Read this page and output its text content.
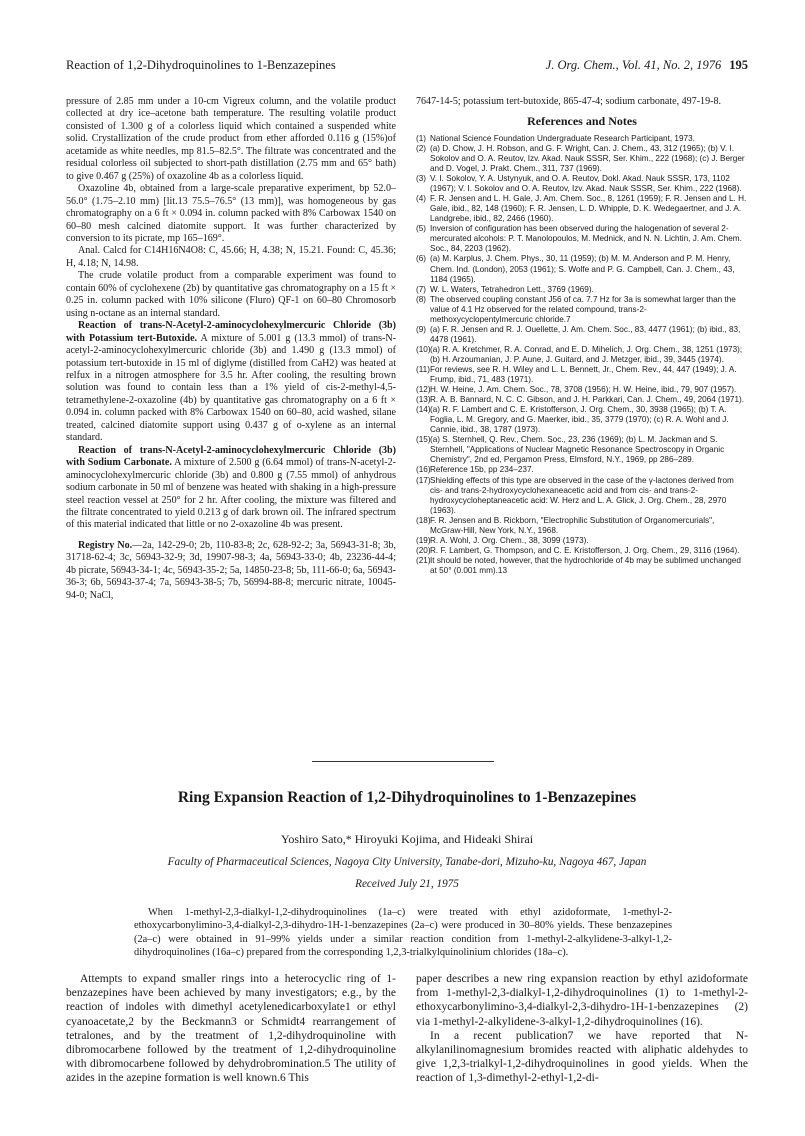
Reaction of 1,2-Dihydroquinolines to 1-Benzazepines	J. Org. Chem., Vol. 41, No. 2, 1976 195

pressure of 2.85 mm under a 10-cm Vigreux column, and the volatile product collected at dry ice–acetone bath temperature. The resulting volatile product consisted of 1.300 g of a colorless liquid which contained a suspended white solid. Crystallization of the crude product from ether afforded 0.116 g (15%)of acetamide as white needles, mp 81.5–82.5°. The filtrate was concentrated and the residual colorless oil subjected to short-path distillation (2.75 mm and 65° bath) to give 0.467 g (25%) of oxazoline 4b as a colorless liquid.

Oxazoline 4b, obtained from a large-scale preparative experiment, bp 52.0–56.0° (1.75–2.10 mm) [lit.13 75.5–76.5° (13 mm)], was homogeneous by gas chromatography on a 6 ft × 0.094 in. column packed with 8% Carbowax 1540 on 60–80 mesh calcined diatomite support. It was further characterized by conversion to its picrate, mp 165–169°.

Anal. Calcd for C14H16N4O8: C, 45.66; H, 4.38; N, 15.21. Found: C, 45.36; H, 4.18; N, 14.98.

The crude volatile product from a comparable experiment was found to contain 60% of cyclohexene (2b) by quantitative gas chromatography on a 15 ft × 0.25 in. column packed with 10% silicone (Fluro) QF-1 on 60–80 Chromosorb using n-octane as an internal standard.

Reaction of trans-N-Acetyl-2-aminocyclohexylmercuric Chloride (3b) with Potassium tert-Butoxide. A mixture of 5.001 g (13.3 mmol) of trans-N-acetyl-2-aminocyclohexylmercuric chloride (3b) and 1.490 g (13.3 mmol) of potassium tert-butoxide in 15 ml of diglyme (distilled from CaH2) was heated at relfux in a nitrogen atmosphere for 3.5 hr. After cooling, the resulting brown solution was found to contain less than a 1% yield of cis-2-methyl-4,5-tetramethylene-2-oxazoline (4b) by quantitative gas chromatography on a 6 ft × 0.094 in. column packed with 8% Carbowax 1540 on 60–80, acid washed, silane treated, calcined diatomite support using 0.437 g of o-xylene as an internal standard.

Reaction of trans-N-Acetyl-2-aminocyclohexylmercuric Chloride (3b) with Sodium Carbonate. A mixture of 2.500 g (6.64 mmol) of trans-N-acetyl-2-aminocyclohexylmercuric chloride (3b) and 0.800 g (7.55 mmol) of anhydrous sodium carbonate in 50 ml of benzene was heated with shaking in a high-pressure steel reaction vessel at 250° for 2 hr. After cooling, the mixture was filtered and the filtrate concentrated to yield 0.213 g of dark brown oil. The infrared spectrum of this material indicated that little or no 2-oxazoline 4b was present.

Registry No.—2a, 142-29-0; 2b, 110-83-8; 2c, 628-92-2; 3a, 56943-31-8; 3b, 31718-62-4; 3c, 56943-32-9; 3d, 19907-98-3; 4a, 56943-33-0; 4b, 23236-44-4; 4b picrate, 56943-34-1; 4c, 56943-35-2; 5a, 14850-23-8; 5b, 111-66-0; 6a, 56943-36-3; 6b, 56943-37-4; 7a, 56943-38-5; 7b, 56994-88-8; mercuric nitrate, 10045-94-0; NaCl,

7647-14-5; potassium tert-butoxide, 865-47-4; sodium carbonate, 497-19-8.
References and Notes
(1) National Science Foundation Undergraduate Research Participant, 1973.
(2) (a) D. Chow, J. H. Robson, and G. F. Wright, Can. J. Chem., 43, 312 (1965); (b) V. I. Sokolov and O. A. Reutov, Izv. Akad. Nauk SSSR, Ser. Khim., 222 (1968); (c) J. Berger and D. Vogel, J. Prakt. Chem., 311, 737 (1969).
(3) V. I. Sokolov, Y. A. Ustynyuk, and O. A. Reutov, Dokl. Akad. Nauk SSSR, 173, 1102 (1967); V. I. Sokolov and O. A. Reutov, Izv. Akad. Nauk SSSR, Ser. Khim., 222 (1968).
(4) F. R. Jensen and L. H. Gale, J. Am. Chem. Soc., 8, 1261 (1959); F. R. Jensen and L. H. Gale, ibid., 82, 148 (1960); F. R. Jensen, L. D. Whipple, D. K. Wedegaertner, and J. A. Landgrebe, ibid., 82, 2466 (1960).
(5) Inversion of configuration has been observed during the halogenation of several 2-mercurated alcohols: P. T. Manolopoulos, M. Mednick, and N. N. Lichtin, J. Am. Chem. Soc., 84, 2203 (1962).
(6) (a) M. Karplus, J. Chem. Phys., 30, 11 (1959); (b) M. M. Anderson and P. M. Henry, Chem. Ind. (London), 2053 (1961); S. Wolfe and P. G. Campbell, Can. J. Chem., 43, 1184 (1965).
(7) W. L. Waters, Tetrahedron Lett., 3769 (1969).
(8) The observed coupling constant J56 of ca. 7.7 Hz for 3a is somewhat larger than the value of 4.1 Hz observed for the related compound, trans-2-methoxycyclopentylmercuric chloride.7
(9) (a) F. R. Jensen and R. J. Ouellette, J. Am. Chem. Soc., 83, 4477 (1961); (b) ibid., 83, 4478 (1961).
(10) (a) R. A. Kretchmer, R. A. Conrad, and E. D. Mihelich, J. Org. Chem., 38, 1251 (1973); (b) H. Arzoumanian, J. P. Aune, J. Guitard, and J. Metzger, ibid., 39, 3445 (1974).
(11) For reviews, see R. H. Wiley and L. L. Bennett, Jr., Chem. Rev., 44, 447 (1949); J. A. Frump, ibid., 71, 483 (1971).
(12) H. W. Heine, J. Am. Chem. Soc., 78, 3708 (1956); H. W. Heine, ibid., 79, 907 (1957).
(13) R. A. B. Bannard, N. C. C. Gibson, and J. H. Parkkari, Can. J. Chem., 49, 2064 (1971).
(14) (a) R. F. Lambert and C. E. Kristofferson, J. Org. Chem., 30, 3938 (1965); (b) T. A. Foglia, L. M. Gregory, and G. Maerker, ibid., 35, 3779 (1970); (c) R. A. Wohl and J. Cannie, ibid., 38, 1787 (1973).
(15) (a) S. Sternhell, Q. Rev., Chem. Soc., 23, 236 (1969); (b) L. M. Jackman and S. Sternhell, "Applications of Nuclear Magnetic Resonance Spectroscopy in Organic Chemistry", 2nd ed, Pergamon Press, Elmsford, N.Y., 1969, pp 286–289.
(16) Reference 15b, pp 234–237.
(17) Shielding effects of this type are observed in the case of the γ-lactones derived from cis- and trans-2-hydroxycyclohexaneacetic acid and from cis- and trans-2-hydroxycycloheptaneacetic acid: W. Herz and L. A. Glick, J. Org. Chem., 28, 2970 (1963).
(18) F. R. Jensen and B. Rickborn, "Electrophilic Substitution of Organomercurials", McGraw-Hill, New York, N.Y., 1968.
(19) R. A. Wohl, J. Org. Chem., 38, 3099 (1973).
(20) R. F. Lambert, G. Thompson, and C. E. Kristofferson, J. Org. Chem., 29, 3116 (1964).
(21) It should be noted, however, that the hydrochloride of 4b may be sublimed unchanged at 50° (0.001 mm).13
Ring Expansion Reaction of 1,2-Dihydroquinolines to 1-Benzazepines
Yoshiro Sato,* Hiroyuki Kojima, and Hideaki Shirai
Faculty of Pharmaceutical Sciences, Nagoya City University, Tanabe-dori, Mizuho-ku, Nagoya 467, Japan
Received July 21, 1975
When 1-methyl-2,3-dialkyl-1,2-dihydroquinolines (1a–c) were treated with ethyl azidoformate, 1-methyl-2-ethoxycarbonylimino-3,4-dialkyl-2,3-dihydro-1H-1-benzazepines (2a–c) were produced in 30–80% yields. These benzazepines (2a–c) were obtained in 91–99% yields under a similar reaction condition from 1-methyl-2-alkylidene-3-alkyl-1,2-dihydroquinolines (16a–c) prepared from the corresponding 1,2,3-trialkylquinolinium chlorides (18a–c).

Attempts to expand smaller rings into a heterocyclic ring of 1-benzazepines have been achieved by many investigators; e.g., by the reaction of indoles with dimethyl acetylenedicarboxylate1 or ethyl cyanoacetate,2 by the Beckmann3 or Schmidt4 rearrangement of tetralones, and by the treatment of 1,2-dihydroquinoline with dibromocarbene followed by the treatment of 1,2-dihydroquinoline with dibromocarbene followed by dehydrobromination.5 The utility of azides in the azepine formation is well known.6 This

paper describes a new ring expansion reaction by ethyl azidoformate from 1-methyl-2,3-dialkyl-1,2-dihydroquinolines (1) to 1-methyl-2-ethoxycarbonylimino-3,4-dialkyl-2,3-dihydro-1H-1-benzazepines (2) via 1-methyl-2-alkylidene-3-alkyl-1,2-dihydroquinolines (16).

In a recent publication7 we have reported that N-alkylanilinomagnesium bromides reacted with aliphatic aldehydes to give 1,2,3-trialkyl-1,2-dihydroquinolines in good yields. When the reaction of 1,3-dimethyl-2-ethyl-1,2-di-
